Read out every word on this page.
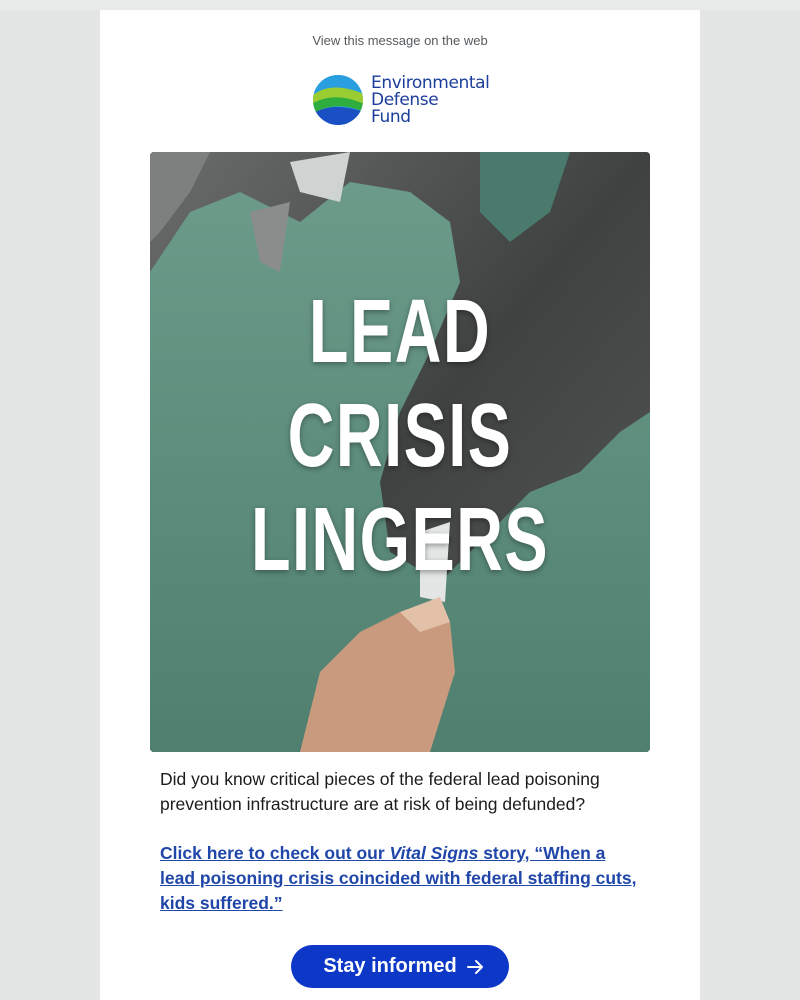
View this message on the web
Environmental
Defense
Fund
LEAD CRISIS
LINGERS
Did you know critical pieces of the federal lead poisoning prevention infrastructure are at risk of being defunded?
Click here to check out our Vital Signs story, “When a lead poisoning crisis coincided with federal staffing cuts, kids suffered.”
Stay informed
